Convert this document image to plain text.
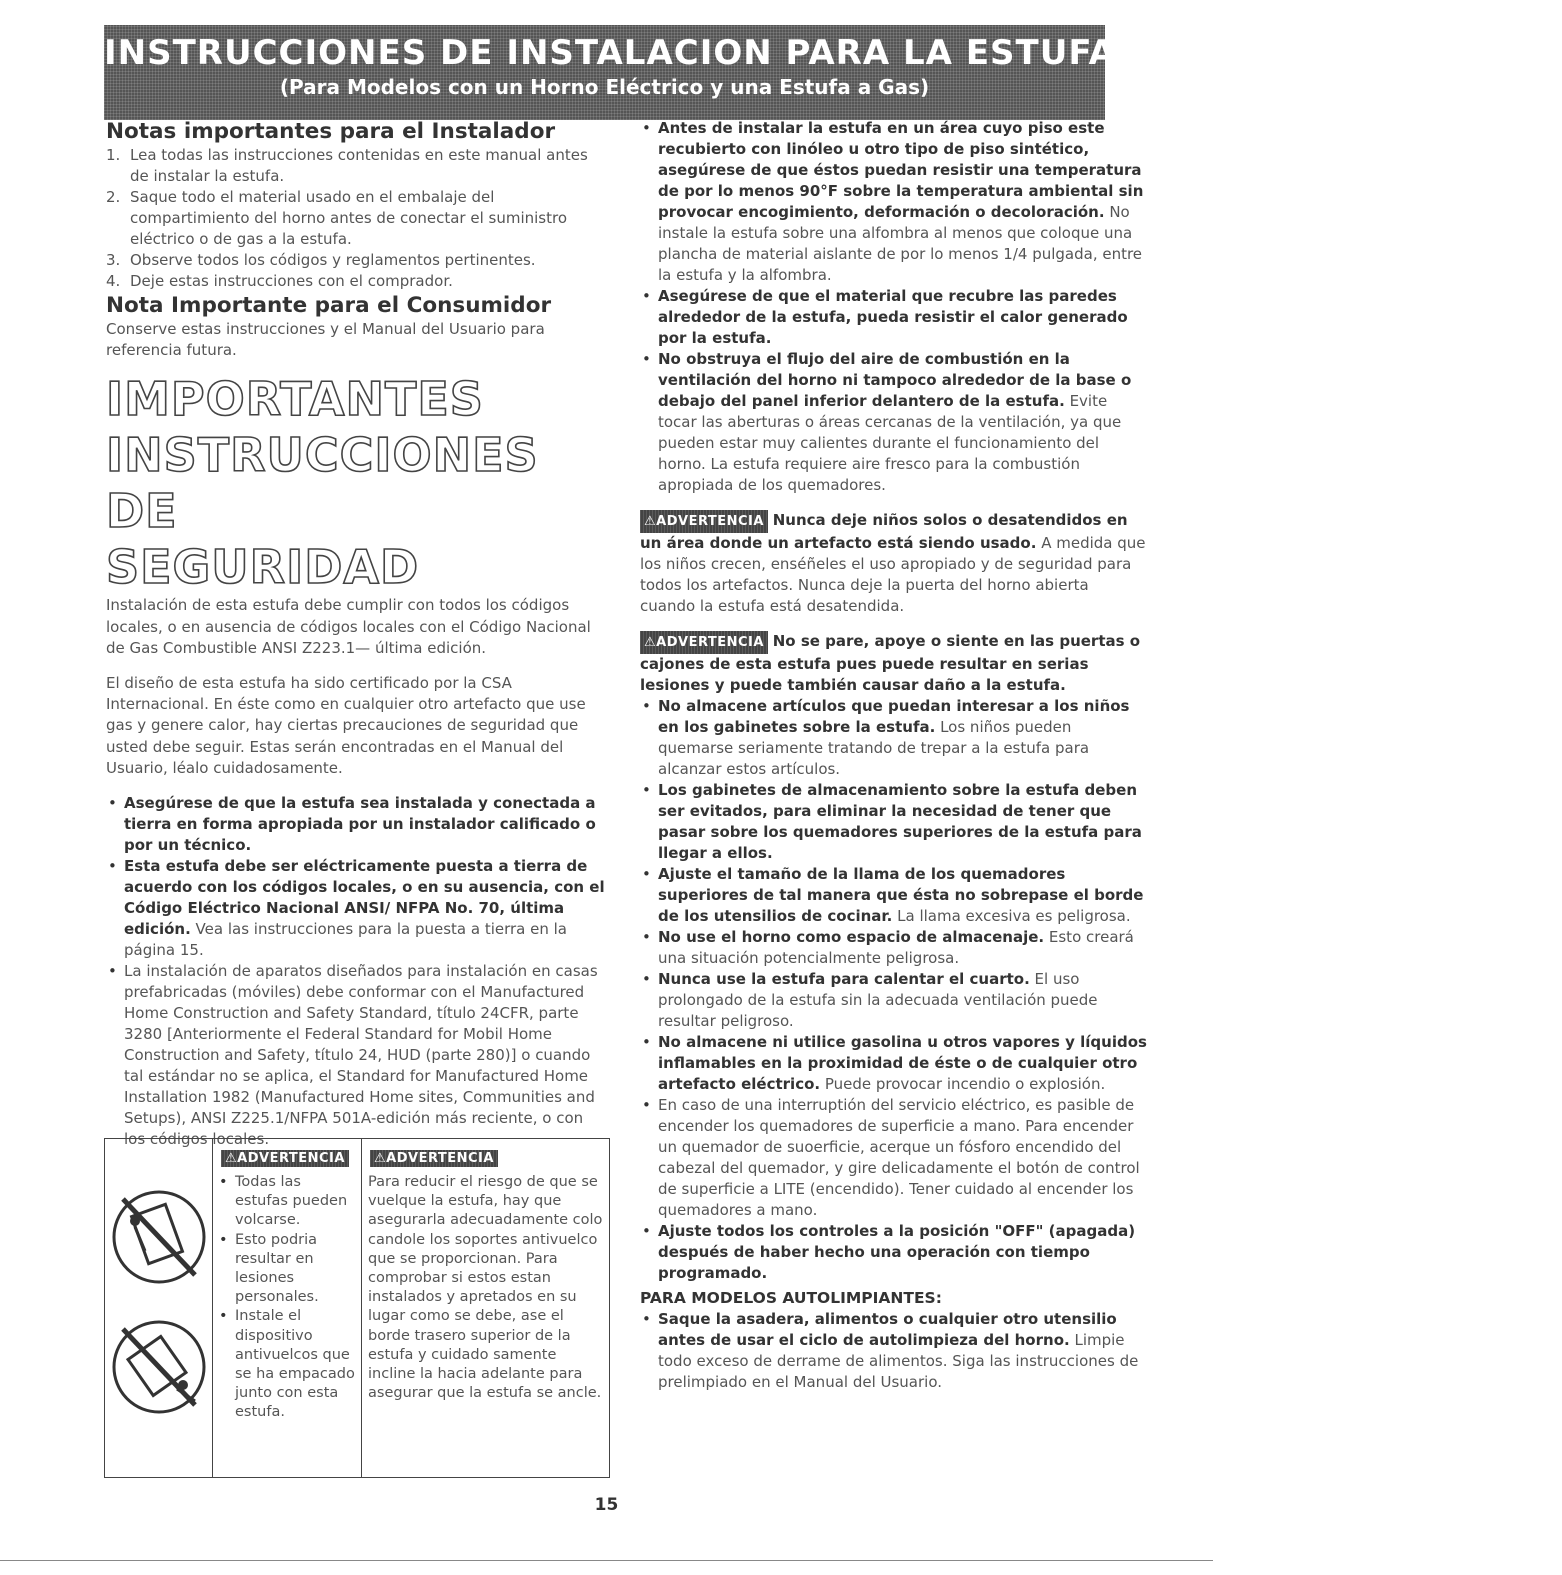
INSTRUCCIONES DE INSTALACION PARA LA ESTUFA DE FUEL DUAL DE 30"
(Para Modelos con un Horno Eléctrico y una Estufa a Gas)
Notas importantes para el Instalador
1. Lea todas las instrucciones contenidas en este manual antes de instalar la estufa.
2. Saque todo el material usado en el embalaje del compartimiento del horno antes de conectar el suministro eléctrico o de gas a la estufa.
3. Observe todos los códigos y reglamentos pertinentes.
4. Deje estas instrucciones con el comprador.
Nota Importante para el Consumidor

Conserve estas instrucciones y el Manual del Usuario para referencia futura.

IMPORTANTES
INSTRUCCIONES DE
SEGURIDAD

Instalación de esta estufa debe cumplir con todos los códigos locales, o en ausencia de códigos locales con el Código Nacional de Gas Combustible ANSI Z223.1— última edición.

El diseño de esta estufa ha sido certificado por la CSA Internacional. En éste como en cualquier otro artefacto que use gas y genere calor, hay ciertas precauciones de seguridad que usted debe seguir. Estas serán encontradas en el Manual del Usuario, léalo cuidadosamente.

• Asegúrese de que la estufa sea instalada y conectada a tierra en forma apropiada por un instalador calificado o por un técnico.
• Esta estufa debe ser eléctricamente puesta a tierra de acuerdo con los códigos locales, o en su ausencia, con el Código Eléctrico Nacional ANSI/ NFPA No. 70, última edición. Vea las instrucciones para la puesta a tierra en la página 15.
• La instalación de aparatos diseñados para instalación en casas prefabricadas (móviles) debe conformar con el Manufactured Home Construction and Safety Standard, título 24CFR, parte 3280 [Anteriormente el Federal Standard for Mobil Home Construction and Safety, título 24, HUD (parte 280)] o cuando tal estándar no se aplica, el Standard for Manufactured Home Installation 1982 (Manufactured Home sites, Communities and Setups), ANSI Z225.1/NFPA 501A-edición más reciente, o con los códigos locales.
⚠ADVERTENCIA
• Todas las estufas pueden volcarse.
• Esto podria resultar en lesiones personales.
• Instale el dispositivo antivuelcos que se ha empacado junto con esta estufa.
⚠ADVERTENCIA
Para reducir el riesgo de que se vuelque la estufa, hay que asegurarla adecuadamente colo candole los soportes antivuelco que se proporcionan. Para comprobar si estos estan instalados y apretados en su lugar como se debe, ase el borde trasero superior de la estufa y cuidado samente incline la hacia adelante para asegurar que la estufa se ancle.
• Antes de instalar la estufa en un área cuyo piso este recubierto con linóleo u otro tipo de piso sintético, asegúrese de que éstos puedan resistir una temperatura de por lo menos 90°F sobre la temperatura ambiental sin provocar encogimiento, deformación o decoloración. No instale la estufa sobre una alfombra al menos que coloque una plancha de material aislante de por lo menos 1/4 pulgada, entre la estufa y la alfombra.
• Asegúrese de que el material que recubre las paredes alrededor de la estufa, pueda resistir el calor generado por la estufa.
• No obstruya el flujo del aire de combustión en la ventilación del horno ni tampoco alrededor de la base o debajo del panel inferior delantero de la estufa. Evite tocar las aberturas o áreas cercanas de la ventilación, ya que pueden estar muy calientes durante el funcionamiento del horno. La estufa requiere aire fresco para la combustión apropiada de los quemadores.
⚠ADVERTENCIA Nunca deje niños solos o desatendidos en un área donde un artefacto está siendo usado. A medida que los niños crecen, enséñeles el uso apropiado y de seguridad para todos los artefactos. Nunca deje la puerta del horno abierta cuando la estufa está desatendida.
⚠ADVERTENCIA No se pare, apoye o siente en las puertas o cajones de esta estufa pues puede resultar en serias lesiones y puede también causar daño a la estufa.
• No almacene artículos que puedan interesar a los niños en los gabinetes sobre la estufa. Los niños pueden quemarse seriamente tratando de trepar a la estufa para alcanzar estos artículos.
• Los gabinetes de almacenamiento sobre la estufa deben ser evitados, para eliminar la necesidad de tener que pasar sobre los quemadores superiores de la estufa para llegar a ellos.
• Ajuste el tamaño de la llama de los quemadores superiores de tal manera que ésta no sobrepase el borde de los utensilios de cocinar. La llama excesiva es peligrosa.
• No use el horno como espacio de almacenaje. Esto creará una situación potencialmente peligrosa.
• Nunca use la estufa para calentar el cuarto. El uso prolongado de la estufa sin la adecuada ventilación puede resultar peligroso.
• No almacene ni utilice gasolina u otros vapores y líquidos inflamables en la proximidad de éste o de cualquier otro artefacto eléctrico. Puede provocar incendio o explosión.
• En caso de una interruptión del servicio eléctrico, es pasible de encender los quemadores de superficie a mano. Para encender un quemador de suoerficie, acerque un fósforo encendido del cabezal del quemador, y gire delicadamente el botón de control de superficie a LITE (encendido). Tener cuidado al encender los quemadores a mano.
• Ajuste todos los controles a la posición "OFF" (apagada) después de haber hecho una operación con tiempo programado.
PARA MODELOS AUTOLIMPIANTES:
• Saque la asadera, alimentos o cualquier otro utensilio antes de usar el ciclo de autolimpieza del horno. Limpie todo exceso de derrame de alimentos. Siga las instrucciones de prelimpiado en el Manual del Usuario.
15
